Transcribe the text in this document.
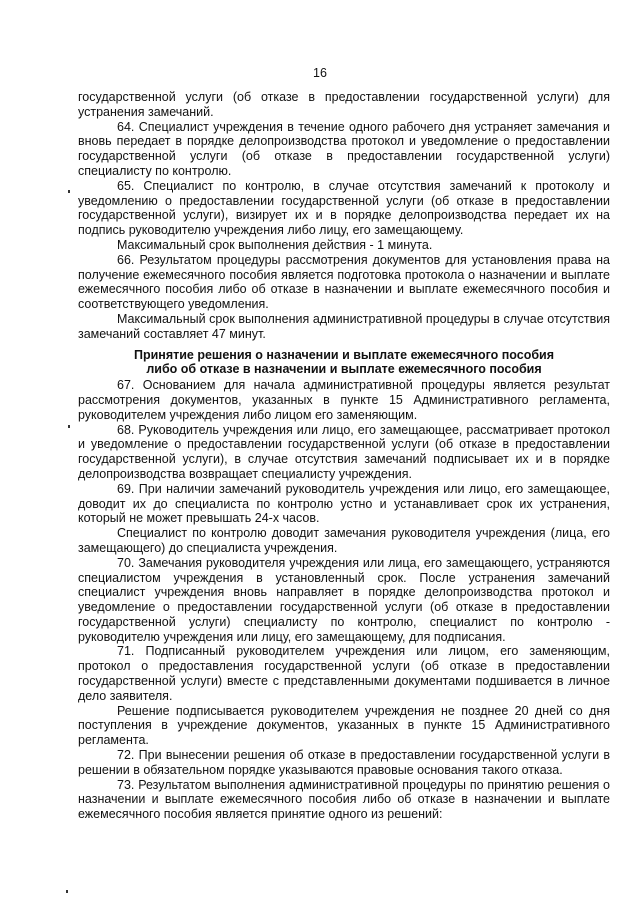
16

государственной услуги (об отказе в предоставлении государственной услуги) для устранения замечаний.

64. Специалист учреждения в течение одного рабочего дня устраняет замечания и вновь передает в порядке делопроизводства протокол и уведомление о предоставлении государственной услуги (об отказе в предоставлении государственной услуги) специалисту по контролю.

65. Специалист по контролю, в случае отсутствия замечаний к протоколу и уведомлению о предоставлении государственной услуги (об отказе в предоставлении государственной услуги), визирует их и в порядке делопроизводства передает их на подпись руководителю учреждения либо лицу, его замещающему.

Максимальный срок выполнения действия - 1 минута.

66. Результатом процедуры рассмотрения документов для установления права на получение ежемесячного пособия является подготовка протокола о назначении и выплате ежемесячного пособия либо об отказе в назначении и выплате ежемесячного пособия и соответствующего уведомления.

Максимальный срок выполнения административной процедуры в случае отсутствия замечаний составляет 47 минут.

Принятие решения о назначении и выплате ежемесячного пособия
либо об отказе в назначении и выплате ежемесячного пособия

67. Основанием для начала административной процедуры является результат рассмотрения документов, указанных в пункте 15 Административного регламента, руководителем учреждения либо лицом его заменяющим.

68. Руководитель учреждения или лицо, его замещающее, рассматривает протокол и уведомление о предоставлении государственной услуги (об отказе в предоставлении государственной услуги), в случае отсутствия замечаний подписывает их и в порядке делопроизводства возвращает специалисту учреждения.

69. При наличии замечаний руководитель учреждения или лицо, его замещающее, доводит их до специалиста по контролю устно и устанавливает срок их устранения, который не может превышать 24-х часов.

Специалист по контролю доводит замечания руководителя учреждения (лица, его замещающего) до специалиста учреждения.

70. Замечания руководителя учреждения или лица, его замещающего, устраняются специалистом учреждения в установленный срок. После устранения замечаний специалист учреждения вновь направляет в порядке делопроизводства протокол и уведомление о предоставлении государственной услуги (об отказе в предоставлении государственной услуги) специалисту по контролю, специалист по контролю - руководителю учреждения или лицу, его замещающему, для подписания.

71. Подписанный руководителем учреждения или лицом, его заменяющим, протокол о предоставления государственной услуги (об отказе в предоставлении государственной услуги) вместе с представленными документами подшивается в личное дело заявителя.

Решение подписывается руководителем учреждения не позднее 20 дней со дня поступления в учреждение документов, указанных в пункте 15 Административного регламента.

72. При вынесении решения об отказе в предоставлении государственной услуги в решении в обязательном порядке указываются правовые основания такого отказа.

73. Результатом выполнения административной процедуры по принятию решения о назначении и выплате ежемесячного пособия либо об отказе в назначении и выплате ежемесячного пособия является принятие одного из решений:
